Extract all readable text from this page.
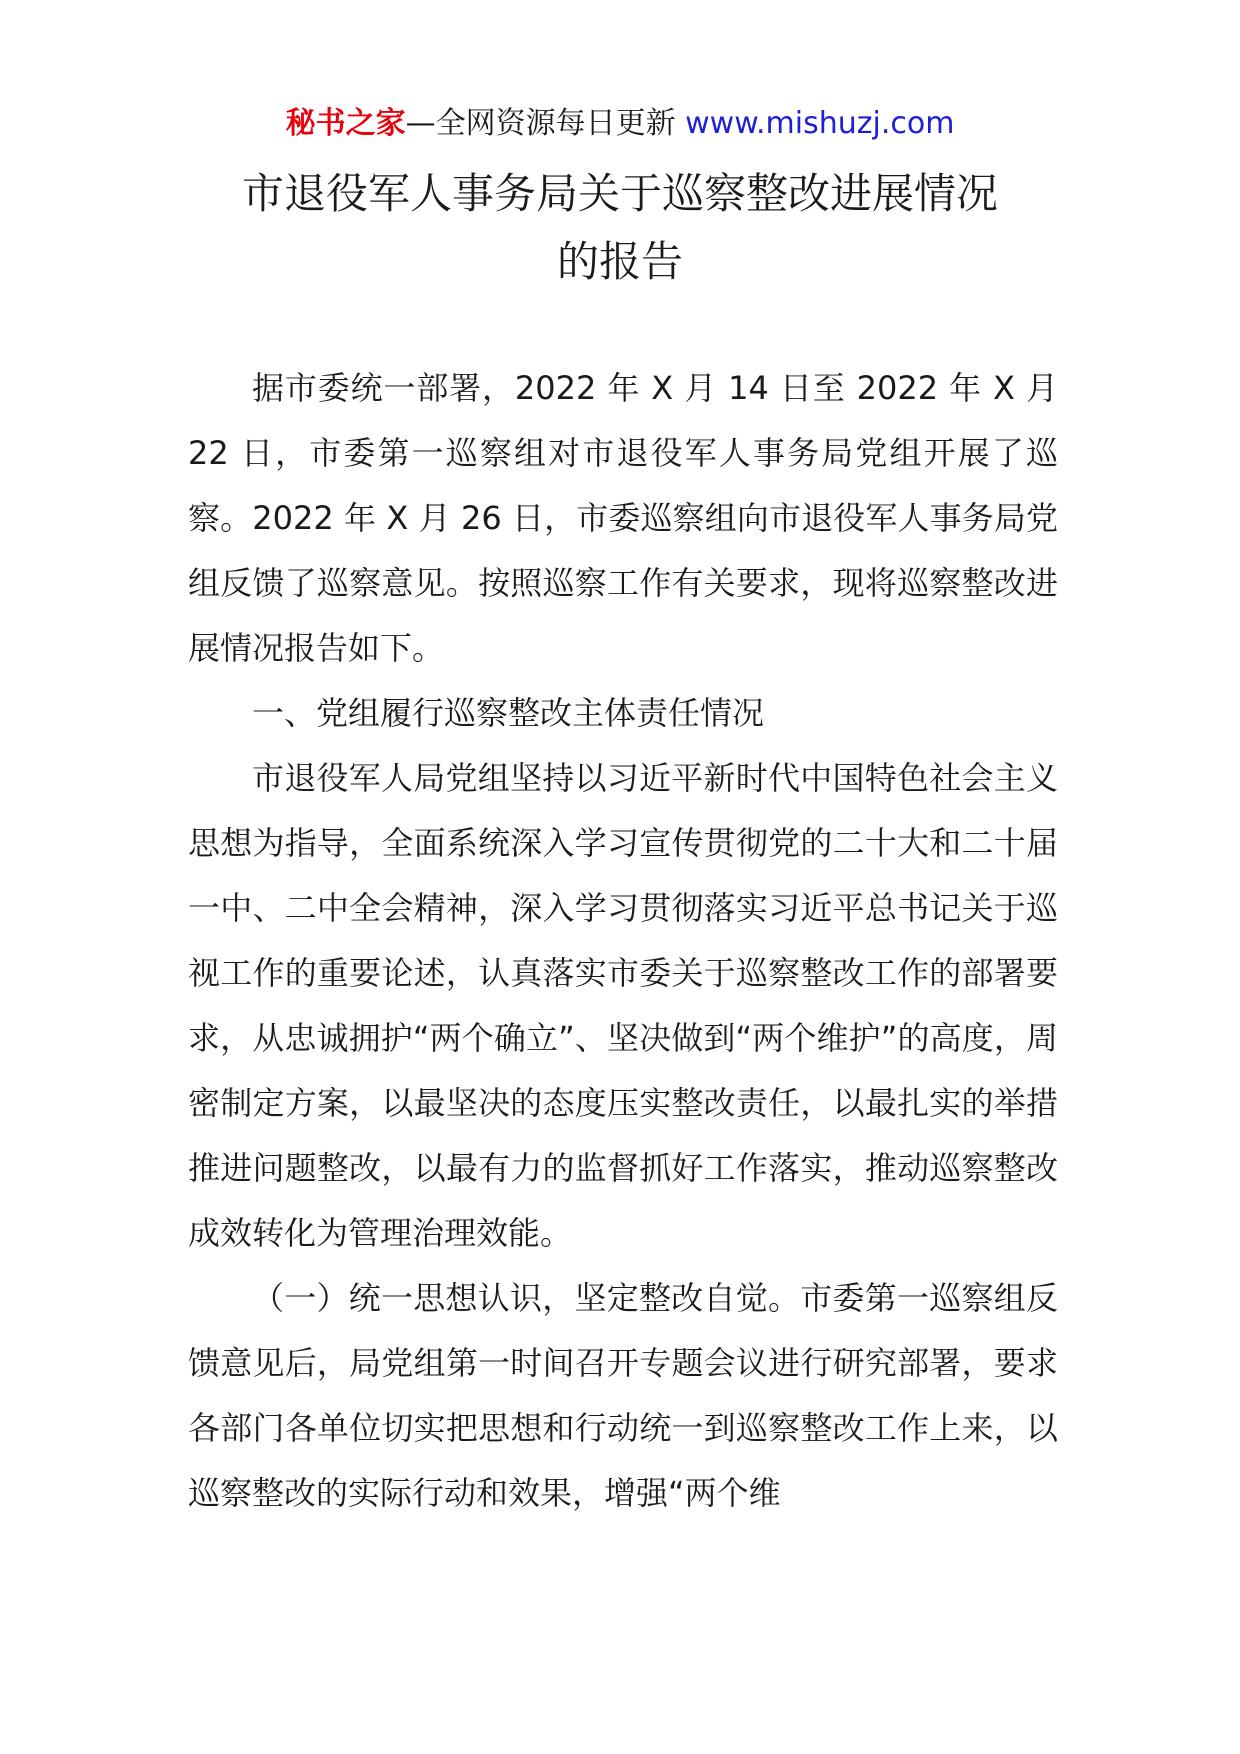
秘书之家—全网资源每日更新 www.mishuzj.com
市退役军人事务局关于巡察整改进展情况
的报告

据市委统一部署，2022 年 X 月 14 日至 2022 年 X 月 22 日，市委第一巡察组对市退役军人事务局党组开展了巡察。2022 年 X 月 26 日，市委巡察组向市退役军人事务局党组反馈了巡察意见。按照巡察工作有关要求，现将巡察整改进展情况报告如下。

一、党组履行巡察整改主体责任情况

市退役军人局党组坚持以习近平新时代中国特色社会主义思想为指导，全面系统深入学习宣传贯彻党的二十大和二十届一中、二中全会精神，深入学习贯彻落实习近平总书记关于巡视工作的重要论述，认真落实市委关于巡察整改工作的部署要求，从忠诚拥护“两个确立”、坚决做到“两个维护”的高度，周密制定方案，以最坚决的态度压实整改责任，以最扎实的举措推进问题整改，以最有力的监督抓好工作落实，推动巡察整改成效转化为管理治理效能。

（一）统一思想认识，坚定整改自觉。市委第一巡察组反馈意见后，局党组第一时间召开专题会议进行研究部署，要求各部门各单位切实把思想和行动统一到巡察整改工作上来，以巡察整改的实际行动和效果，增强“两个维
